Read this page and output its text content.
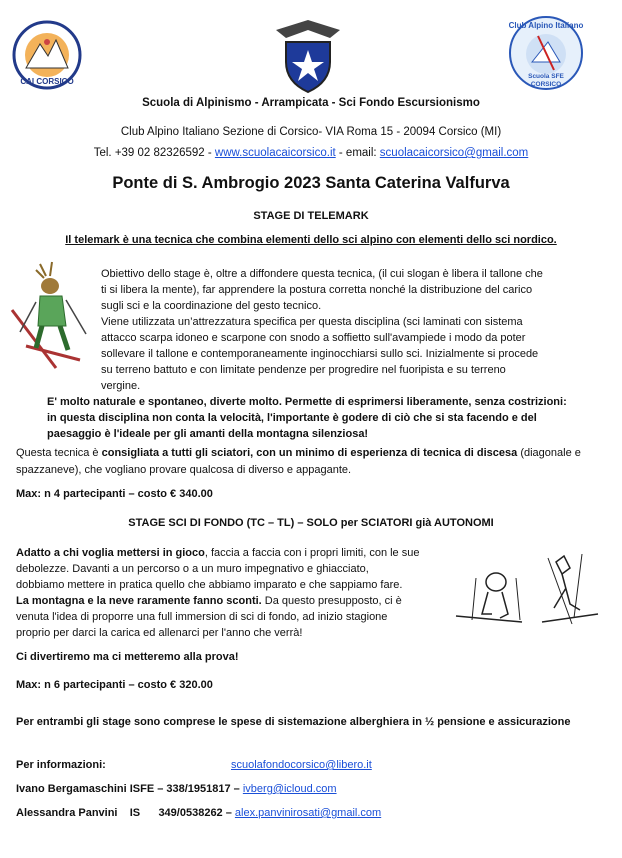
CAI CORSICO
Club Alpino Italiano
Scuola SFE
CORSICO
Scuola di Alpinismo - Arrampicata - Sci Fondo Escursionismo
Club Alpino Italiano Sezione di Corsico- VIA Roma 15 - 20094 Corsico (MI)
Tel. +39 02 82326592 - www.scuolacaicorsico.it - email: scuolacaicorsico@gmail.com
Ponte di S. Ambrogio 2023 Santa Caterina Valfurva
STAGE DI TELEMARK
Il telemark è una tecnica che combina elementi dello sci alpino con elementi dello sci nordico.
Obiettivo dello stage è, oltre a diffondere questa tecnica, (il cui slogan è libera il tallone che
ti si libera la mente), far apprendere la postura corretta nonché la distribuzione del carico
sugli sci e la coordinazione del gesto tecnico.
Viene utilizzata un’attrezzatura specifica per questa disciplina (sci laminati con sistema
attacco scarpa idoneo e scarpone con snodo a soffietto sull'avampiede i modo da poter
sollevare il tallone e contemporaneamente inginocchiarsi sullo sci. Inizialmente si procede
su terreno battuto e con limitate pendenze per progredire nel fuoripista e su terreno
vergine.
E' molto naturale e spontaneo, diverte molto. Permette di esprimersi liberamente, senza costrizioni:
in questa disciplina non conta la velocità, l'importante è godere di ciò che si sta facendo e del
paesaggio è l'ideale per gli amanti della montagna silenziosa!
Questa tecnica è consigliata a tutti gli sciatori, con un minimo di esperienza di tecnica di discesa (diagonale e
spazzaneve), che vogliano provare qualcosa di diverso e appagante.
Max: n 4 partecipanti – costo € 340.00
STAGE SCI DI FONDO (TC – TL) – SOLO per SCIATORI già AUTONOMI
Adatto a chi voglia mettersi in gioco, faccia a faccia con i propri limiti, con le sue
debolezze. Davanti a un percorso o a un muro impegnativo e ghiacciato,
dobbiamo mettere in pratica quello che abbiamo imparato e che sappiamo fare.
La montagna e la neve raramente fanno sconti. Da questo presupposto, ci è
venuta l'idea di proporre una full immersion di sci di fondo, ad inizio stagione
proprio per darci la carica ed allenarci per l'anno che verrà!
Ci divertiremo ma ci metteremo alla prova!
Max: n 6 partecipanti – costo € 320.00
Per entrambi gli stage sono comprese le spese di sistemazione alberghiera in ½ pensione e assicurazione
Per informazioni:	scuolafondocorsico@libero.it
Ivano Bergamaschini ISFE – 338/1951817 – ivberg@icloud.com
Alessandra Panvini    IS      349/0538262 – alex.panvinirosati@gmail.com
